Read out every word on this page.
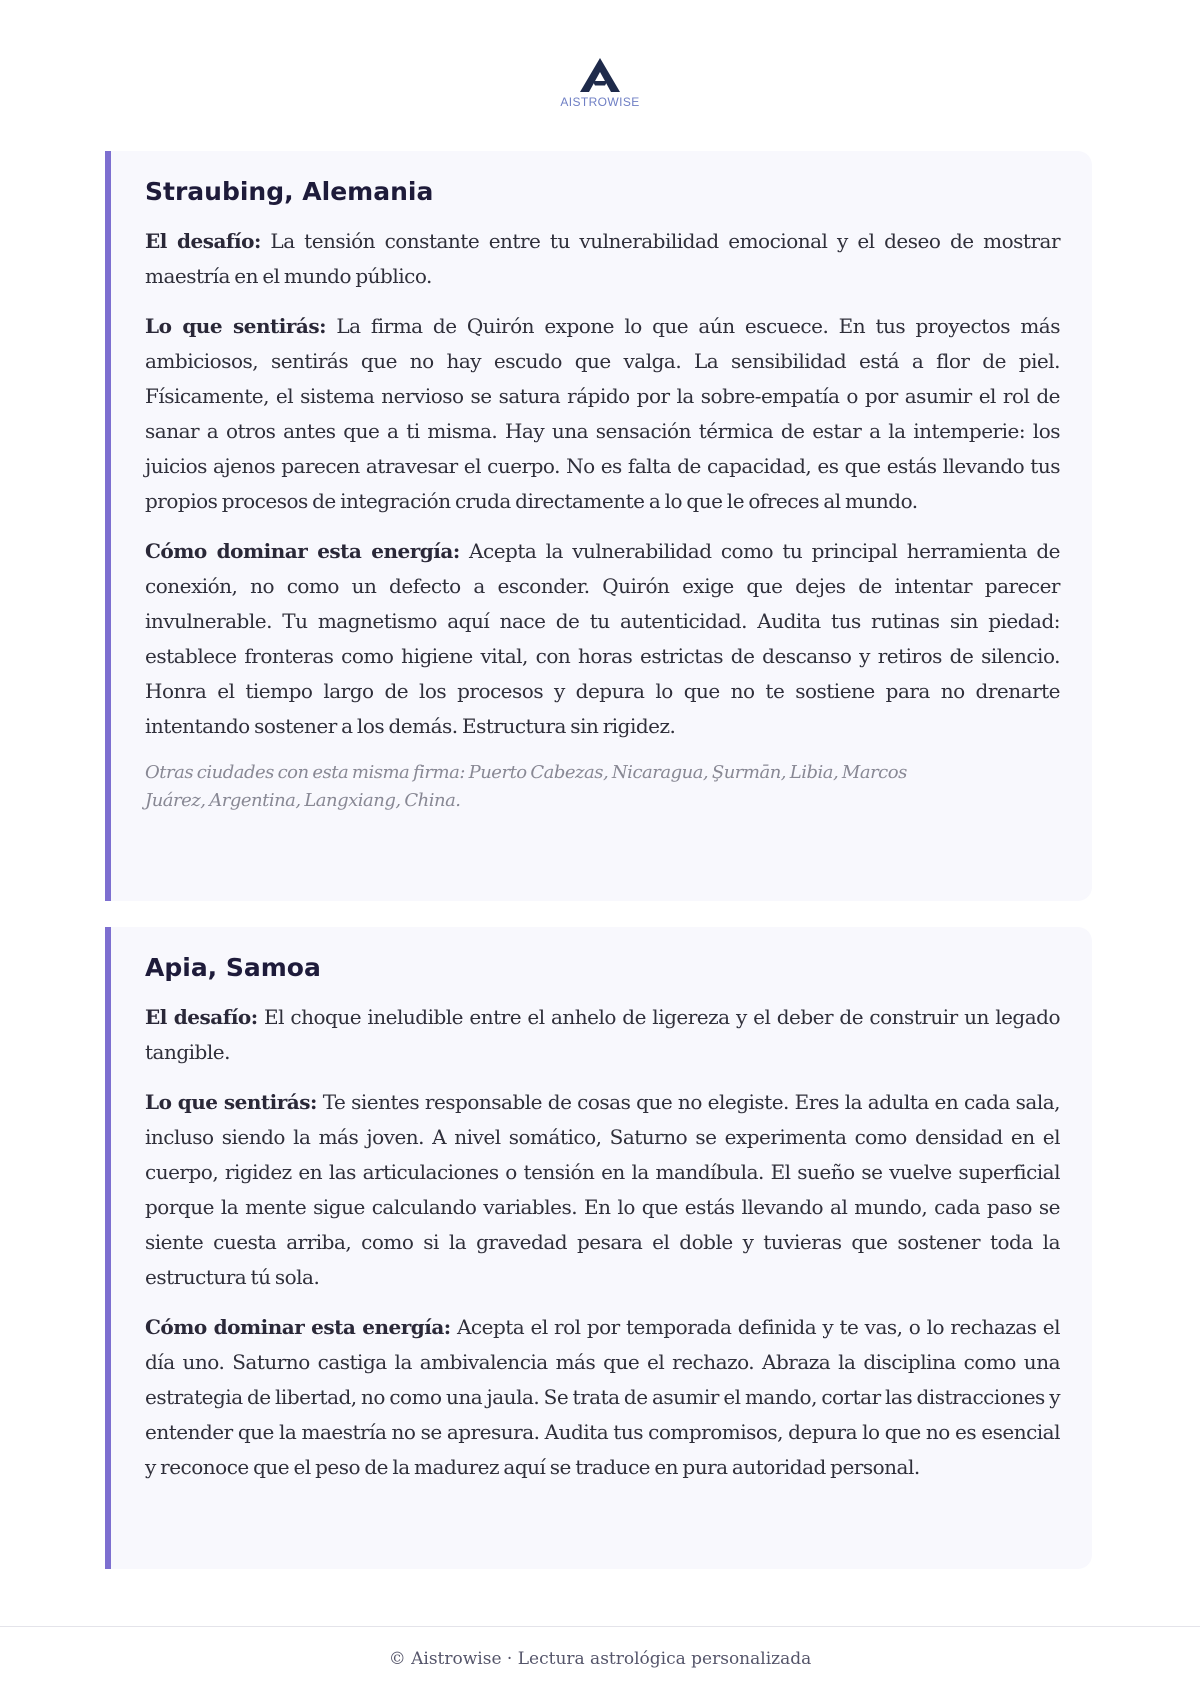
AISTROWISE
Straubing, Alemania

El desafío: La tensión constante entre tu vulnerabilidad emocional y el deseo de mostrar maestría en el mundo público.

Lo que sentirás: La firma de Quirón expone lo que aún escuece. En tus proyectos más ambiciosos, sentirás que no hay escudo que valga. La sensibilidad está a flor de piel. Físicamente, el sistema nervioso se satura rápido por la sobre-empatía o por asumir el rol de sanar a otros antes que a ti misma. Hay una sensación térmica de estar a la intemperie: los juicios ajenos parecen atravesar el cuerpo. No es falta de capacidad, es que estás llevando tus propios procesos de integración cruda directamente a lo que le ofreces al mundo.

Cómo dominar esta energía: Acepta la vulnerabilidad como tu principal herramienta de conexión, no como un defecto a esconder. Quirón exige que dejes de intentar parecer invulnerable. Tu magnetismo aquí nace de tu autenticidad. Audita tus rutinas sin piedad: establece fronteras como higiene vital, con horas estrictas de descanso y retiros de silencio. Honra el tiempo largo de los procesos y depura lo que no te sostiene para no drenarte intentando sostener a los demás. Estructura sin rigidez.

Otras ciudades con esta misma firma: Puerto Cabezas, Nicaragua, Şurmān, Libia, Marcos Juárez, Argentina, Langxiang, China.

Apia, Samoa

El desafío: El choque ineludible entre el anhelo de ligereza y el deber de construir un legado tangible.

Lo que sentirás: Te sientes responsable de cosas que no elegiste. Eres la adulta en cada sala, incluso siendo la más joven. A nivel somático, Saturno se experimenta como densidad en el cuerpo, rigidez en las articulaciones o tensión en la mandíbula. El sueño se vuelve superficial porque la mente sigue calculando variables. En lo que estás llevando al mundo, cada paso se siente cuesta arriba, como si la gravedad pesara el doble y tuvieras que sostener toda la estructura tú sola.

Cómo dominar esta energía: Acepta el rol por temporada definida y te vas, o lo rechazas el día uno. Saturno castiga la ambivalencia más que el rechazo. Abraza la disciplina como una estrategia de libertad, no como una jaula. Se trata de asumir el mando, cortar las distracciones y entender que la maestría no se apresura. Audita tus compromisos, depura lo que no es esencial y reconoce que el peso de la madurez aquí se traduce en pura autoridad personal.

© Aistrowise · Lectura astrológica personalizada
